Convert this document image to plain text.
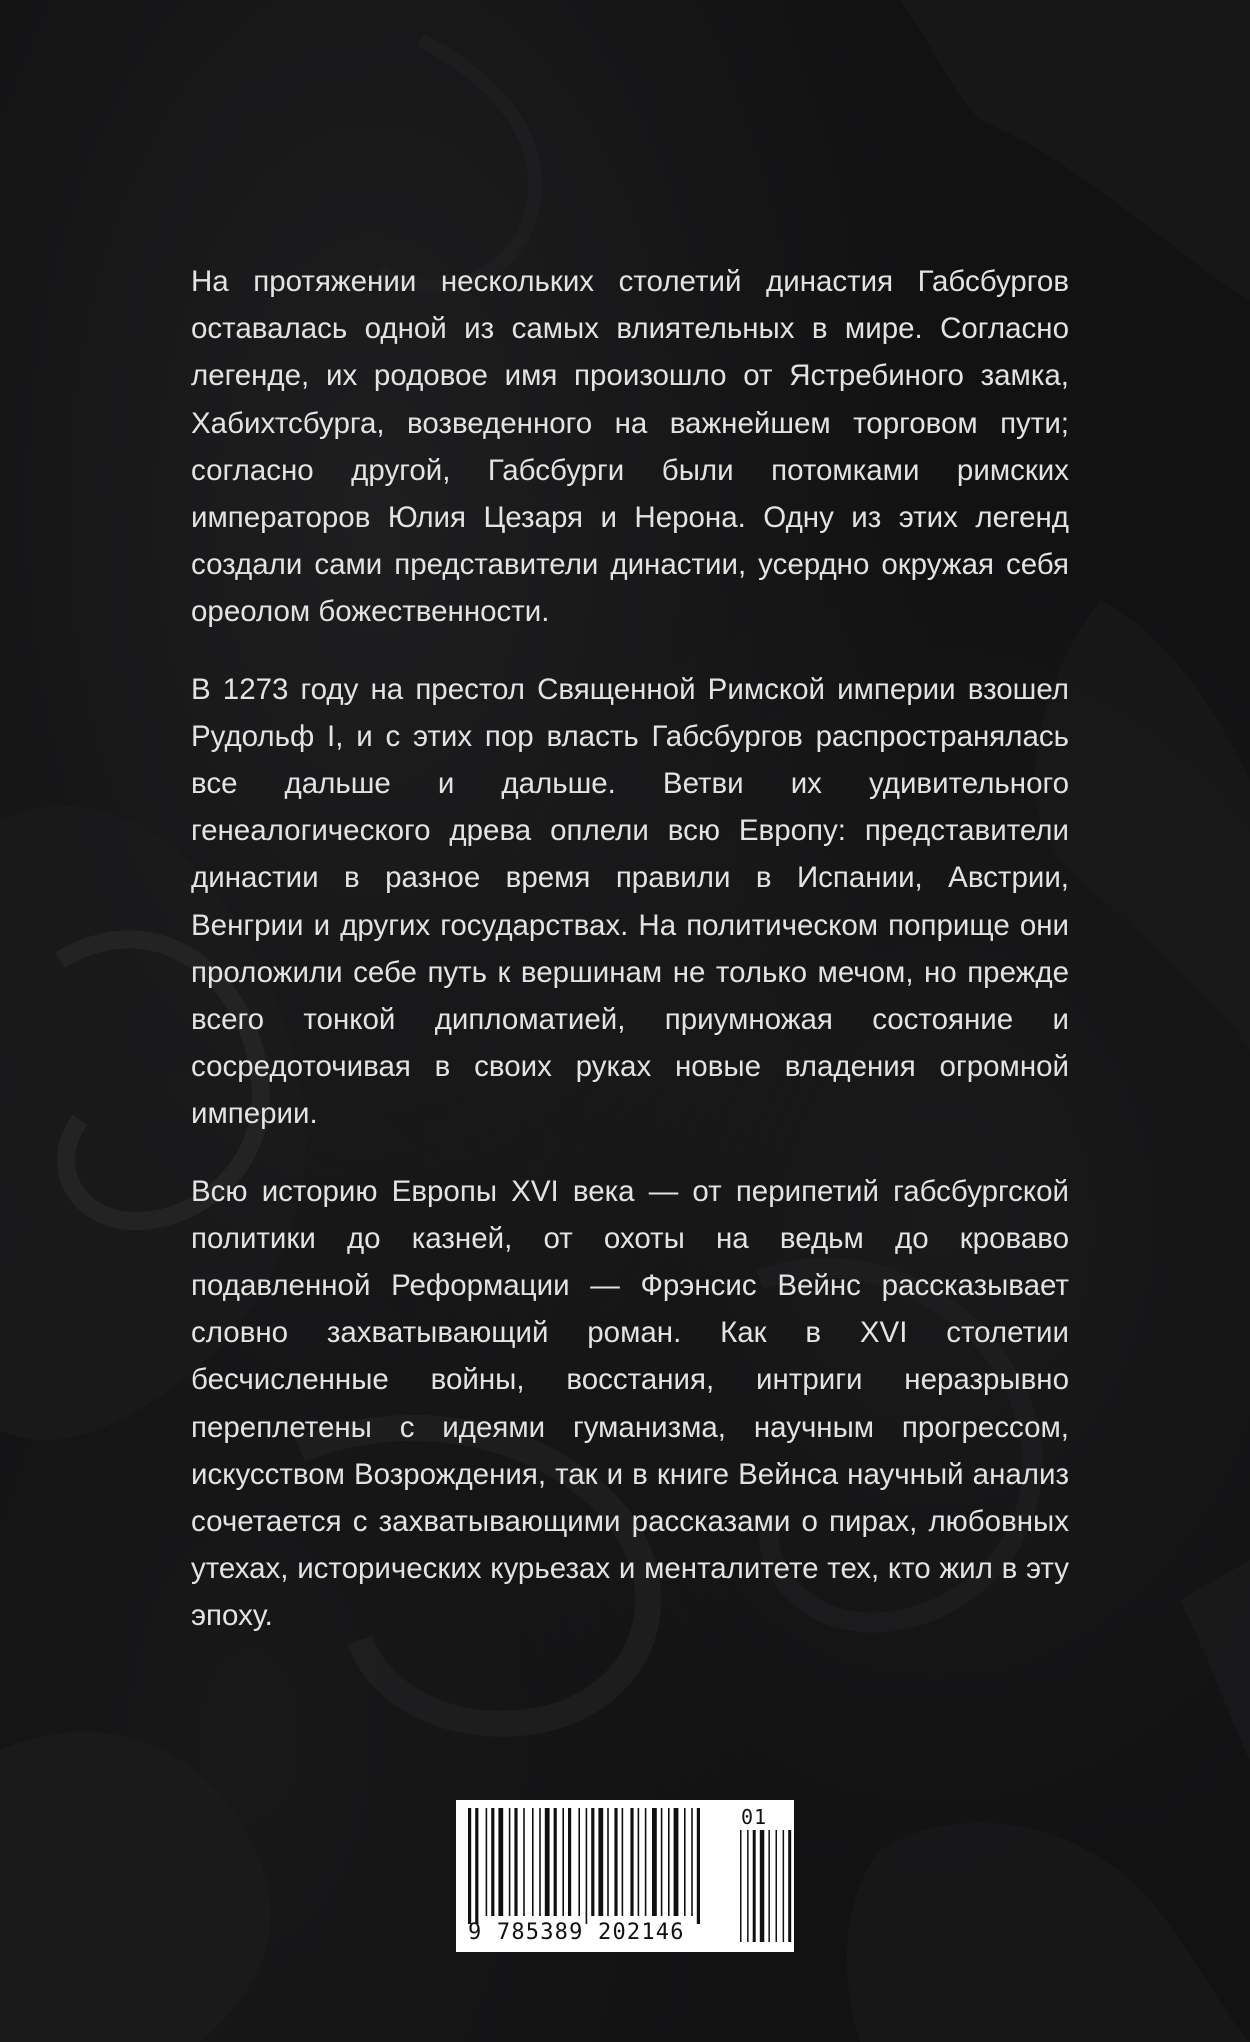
На протяжении нескольких столетий династия Габсбургов оставалась одной из самых влиятельных в мире. Согласно легенде, их родовое имя произошло от Ястребиного замка, Хабихтсбурга, возведенного на важнейшем торговом пути; согласно другой, Габсбурги были потомками римских императоров Юлия Цезаря и Нерона. Одну из этих легенд создали сами представители династии, усердно окружая себя ореолом божественности.

В 1273 году на престол Священной Римской империи взошел Рудольф I, и с этих пор власть Габсбургов распространялась все дальше и дальше. Ветви их удивительного генеалогического древа оплели всю Европу: представители династии в разное время правили в Испании, Австрии, Венгрии и других государствах. На политическом поприще они проложили себе путь к вершинам не только мечом, но прежде всего тонкой дипломатией, приумножая состояние и сосредоточивая в своих руках новые владения огромной империи.

Всю историю Европы XVI века — от перипетий габсбургской политики до казней, от охоты на ведьм до кроваво подавленной Реформации — Фрэнсис Вейнс рассказывает словно захватывающий роман. Как в XVI столетии бесчисленные войны, восстания, интриги неразрывно переплетены с идеями гуманизма, научным прогрессом, искусством Возрождения, так и в книге Вейнса научный анализ сочетается с захватывающими рассказами о пирах, любовных утехах, исторических курьезах и менталитете тех, кто жил в эту эпоху.

9 785389 202146
01
